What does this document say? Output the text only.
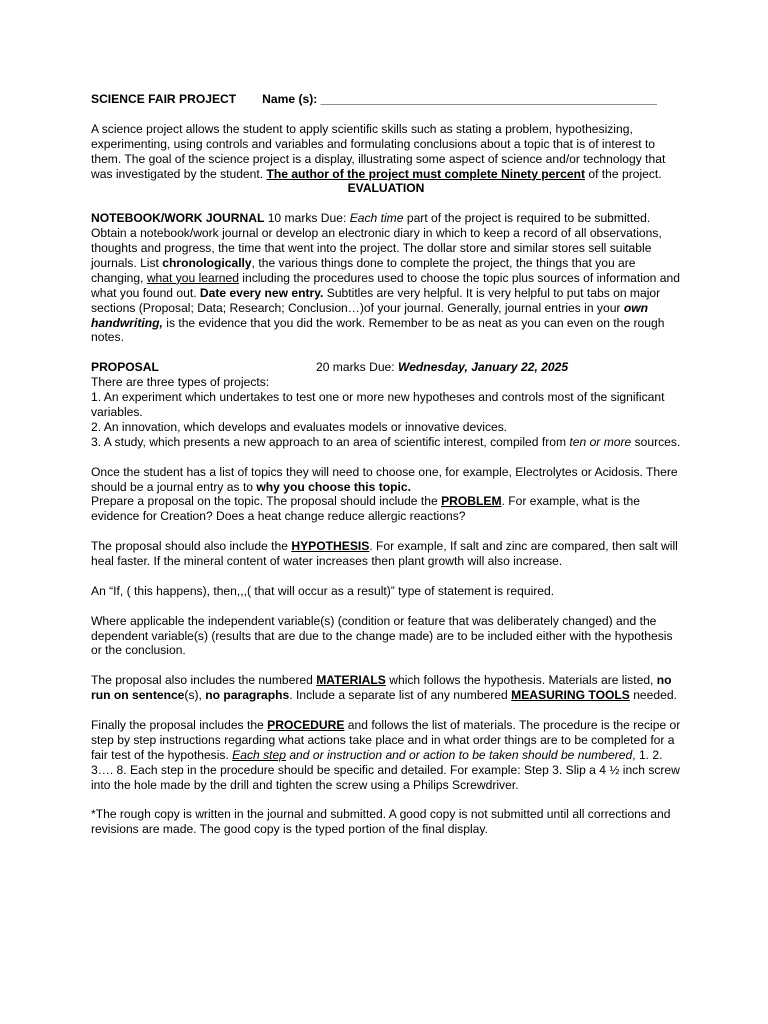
SCIENCE FAIR PROJECT Name (s): __________________________________________________

A science project allows the student to apply scientific skills such as stating a problem, hypothesizing, experimenting, using controls and variables and formulating conclusions about a topic that is of interest to them. The goal of the science project is a display, illustrating some aspect of science and/or technology that was investigated by the student. The author of the project must complete Ninety percent of the project.

EVALUATION

NOTEBOOK/WORK JOURNAL 10 marks Due: Each time part of the project is required to be submitted. Obtain a notebook/work journal or develop an electronic diary in which to keep a record of all observations, thoughts and progress, the time that went into the project. The dollar store and similar stores sell suitable journals. List chronologically, the various things done to complete the project, the things that you are changing, what you learned including the procedures used to choose the topic plus sources of information and what you found out. Date every new entry. Subtitles are very helpful. It is very helpful to put tabs on major sections (Proposal; Data; Research; Conclusion…)of your journal. Generally, journal entries in your own handwriting, is the evidence that you did the work. Remember to be as neat as you can even on the rough notes.

PROPOSAL	20 marks Due: Wednesday, January 22, 2025

There are three types of projects:

1. An experiment which undertakes to test one or more new hypotheses and controls most of the significant variables.

2. An innovation, which develops and evaluates models or innovative devices.

3. A study, which presents a new approach to an area of scientific interest, compiled from ten or more sources.

Once the student has a list of topics they will need to choose one, for example, Electrolytes or Acidosis. There should be a journal entry as to why you choose this topic.

Prepare a proposal on the topic. The proposal should include the PROBLEM. For example, what is the evidence for Creation? Does a heat change reduce allergic reactions?

The proposal should also include the HYPOTHESIS. For example, If salt and zinc are compared, then salt will heal faster. If the mineral content of water increases then plant growth will also increase.

An “If, ( this happens), then,,,( that will occur as a result)” type of statement is required.

Where applicable the independent variable(s) (condition or feature that was deliberately changed) and the dependent variable(s) (results that are due to the change made) are to be included either with the hypothesis or the conclusion.

The proposal also includes the numbered MATERIALS which follows the hypothesis. Materials are listed, no run on sentence(s), no paragraphs. Include a separate list of any numbered MEASURING TOOLS needed.

Finally the proposal includes the PROCEDURE and follows the list of materials. The procedure is the recipe or step by step instructions regarding what actions take place and in what order things are to be completed for a fair test of the hypothesis. Each step and or instruction and or action to be taken should be numbered, 1. 2. 3…. 8. Each step in the procedure should be specific and detailed. For example: Step 3. Slip a 4 ½ inch screw into the hole made by the drill and tighten the screw using a Philips Screwdriver.

*The rough copy is written in the journal and submitted. A good copy is not submitted until all corrections and revisions are made. The good copy is the typed portion of the final display.
